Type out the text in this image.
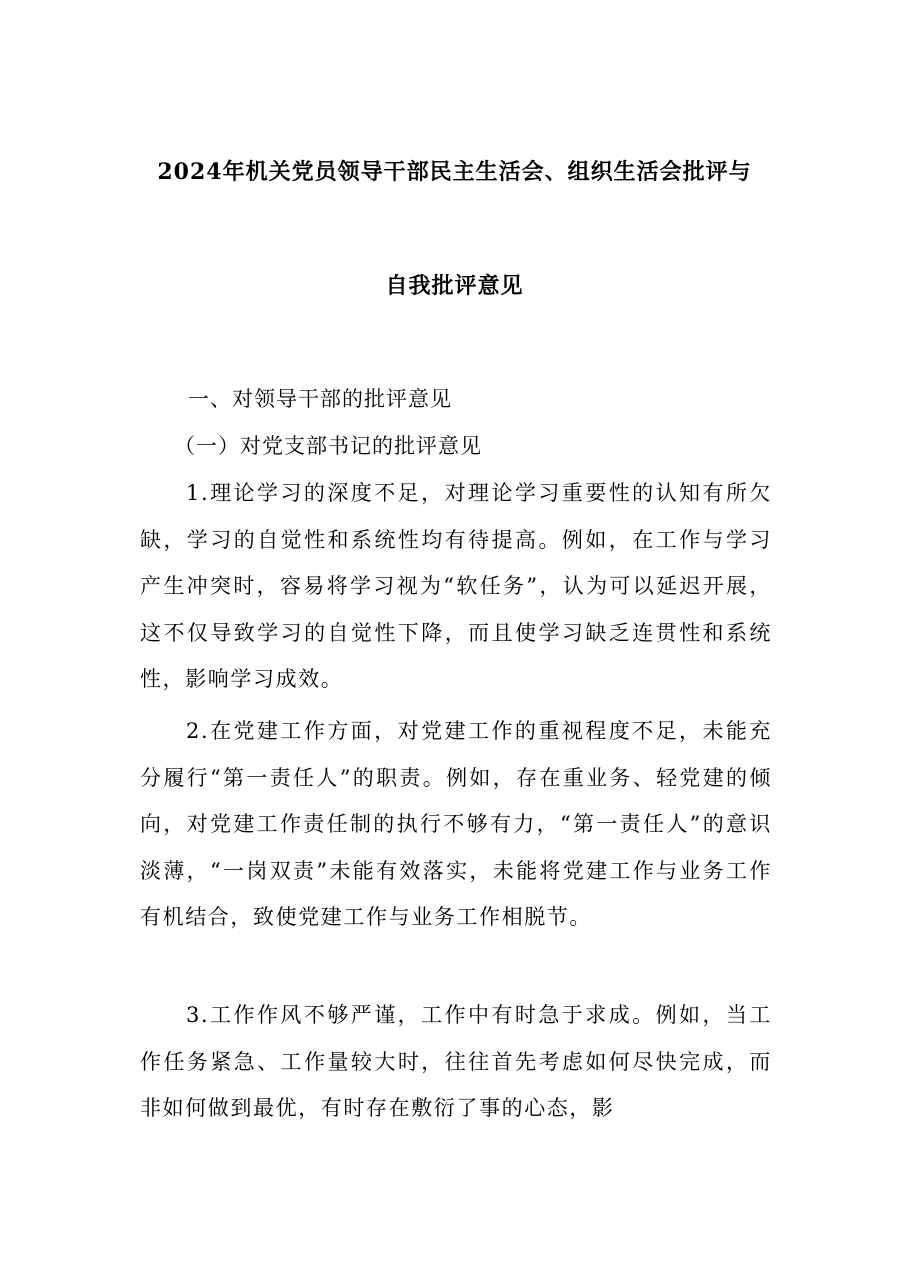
2024年机关党员领导干部民主生活会、组织生活会批评与
自我批评意见
一、对领导干部的批评意见
（一）对党支部书记的批评意见
1.理论学习的深度不足，对理论学习重要性的认知有所欠缺，学习的自觉性和系统性均有待提高。例如，在工作与学习产生冲突时，容易将学习视为“软任务”，认为可以延迟开展，这不仅导致学习的自觉性下降，而且使学习缺乏连贯性和系统性，影响学习成效。
2.在党建工作方面，对党建工作的重视程度不足，未能充分履行“第一责任人”的职责。例如，存在重业务、轻党建的倾向，对党建工作责任制的执行不够有力，“第一责任人”的意识淡薄，“一岗双责”未能有效落实，未能将党建工作与业务工作有机结合，致使党建工作与业务工作相脱节。
3.工作作风不够严谨，工作中有时急于求成。例如，当工作任务紧急、工作量较大时，往往首先考虑如何尽快完成，而非如何做到最优，有时存在敷衍了事的心态，影
